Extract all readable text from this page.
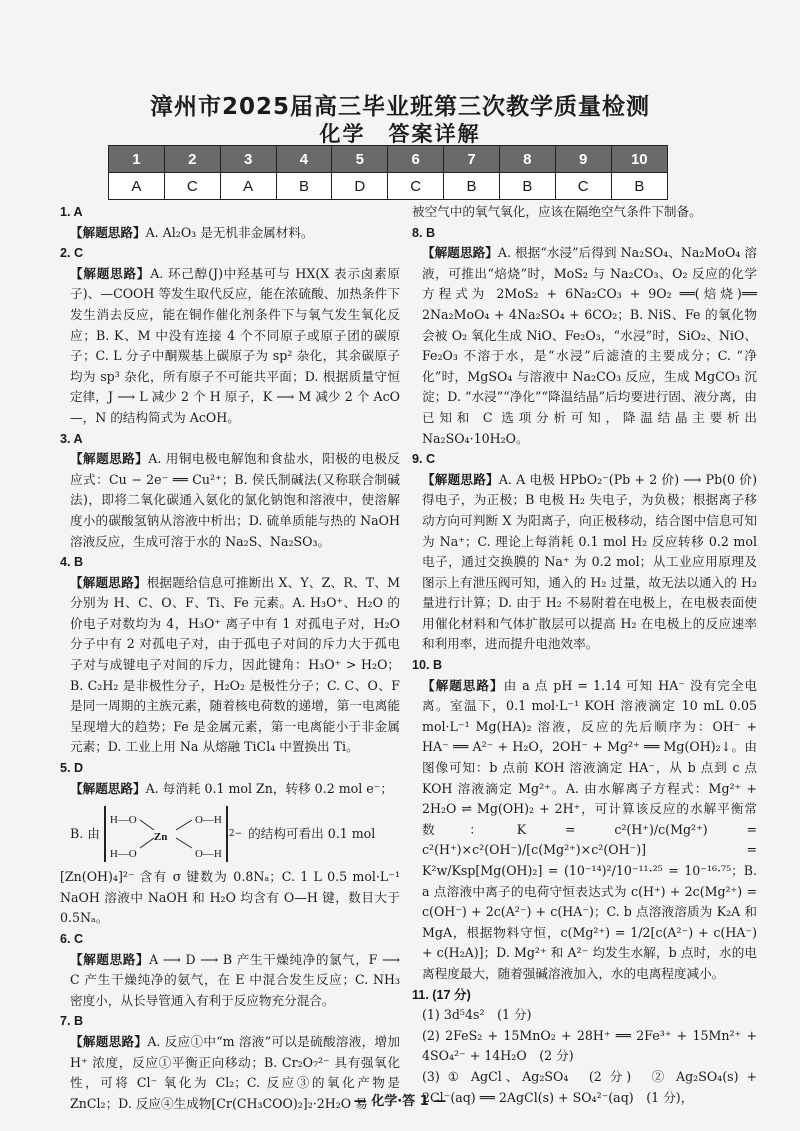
漳州市2025届高三毕业班第三次教学质量检测
化学　答案详解
1	2	3	4	5	6	7	8	9	10
A	C	A	B	D	C	B	B	C	B

1. A

【解题思路】A. Al₂O₃ 是无机非金属材料。

2. C

【解题思路】A. 环己醇(J)中羟基可与 HX(X 表示卤素原子)、—COOH 等发生取代反应，能在浓硫酸、加热条件下发生消去反应，能在铜作催化剂条件下与氧气发生氧化反应；B. K、M 中没有连接 4 个不同原子或原子团的碳原子；C. L 分子中酮羰基上碳原子为 sp² 杂化，其余碳原子均为 sp³ 杂化，所有原子不可能共平面；D. 根据质量守恒定律，J ⟶ L 减少 2 个 H 原子，K ⟶ M 减少 2 个 AcO—，N 的结构简式为 AcOH。

3. A

【解题思路】A. 用铜电极电解饱和食盐水，阳极的电极反应式：Cu − 2e⁻ ══ Cu²⁺；B. 侯氏制碱法(又称联合制碱法)，即将二氧化碳通入氨化的氯化钠饱和溶液中，使溶解度小的碳酸氢钠从溶液中析出；D. 硫单质能与热的 NaOH 溶液反应，生成可溶于水的 Na₂S、Na₂SO₃。

4. B

【解题思路】根据题给信息可推断出 X、Y、Z、R、T、M 分别为 H、C、O、F、Ti、Fe 元素。A. H₃O⁺、H₂O 的价电子对数均为 4，H₃O⁺ 离子中有 1 对孤电子对，H₂O 分子中有 2 对孤电子对，由于孤电子对间的斥力大于孤电子对与成键电子对间的斥力，因此键角：H₃O⁺ > H₂O；B. C₂H₂ 是非极性分子，H₂O₂ 是极性分子；C. C、O、F 是同一周期的主族元素，随着核电荷数的递增，第一电离能呈现增大的趋势；Fe 是金属元素，第一电离能小于非金属元素；D. 工业上用 Na 从熔融 TiCl₄ 中置换出 Ti。

5. D

【解题思路】A. 每消耗 0.1 mol Zn，转移 0.2 mol e⁻；

B. 由
H—O	O—H
Zn
H—O	O—H
2− 的结构可看出 0.1 mol

[Zn(OH)₄]²⁻ 含有 σ 键数为 0.8Nₐ；C. 1 L 0.5 mol·L⁻¹ NaOH 溶液中 NaOH 和 H₂O 均含有 O—H 键，数目大于 0.5Nₐ。

6. C

【解题思路】A ⟶ D ⟶ B 产生干燥纯净的氯气，F ⟶ C 产生干燥纯净的氨气，在 E 中混合发生反应；C. NH₃ 密度小，从长导管通入有利于反应物充分混合。

7. B

【解题思路】A. 反应①中“m 溶液”可以是硫酸溶液，增加 H⁺ 浓度，反应①平衡正向移动；B. Cr₂O₇²⁻ 具有强氧化性，可将 Cl⁻ 氧化为 Cl₂；C. 反应③的氧化产物是 ZnCl₂；D. 反应④生成物[Cr(CH₃COO)₂]₂·2H₂O 易

被空气中的氧气氧化，应该在隔绝空气条件下制备。

8. B

【解题思路】A. 根据“水浸”后得到 Na₂SO₄、Na₂MoO₄ 溶液，可推出“焙烧”时，MoS₂ 与 Na₂CO₃、O₂ 反应的化学方程式为 2MoS₂ + 6Na₂CO₃ + 9O₂ ══(焙烧)══ 2Na₂MoO₄ + 4Na₂SO₄ + 6CO₂；B. NiS、Fe 的氧化物会被 O₂ 氧化生成 NiO、Fe₂O₃，“水浸”时，SiO₂、NiO、Fe₂O₃ 不溶于水，是“水浸”后滤渣的主要成分；C. “净化”时，MgSO₄ 与溶液中 Na₂CO₃ 反应，生成 MgCO₃ 沉淀；D. “水浸”“净化”“降温结晶”后均要进行固、液分离，由已知和 C 选项分析可知，降温结晶主要析出 Na₂SO₄·10H₂O。

9. C

【解题思路】A. A 电极 HPbO₂⁻(Pb + 2 价) ⟶ Pb(0 价)得电子，为正极；B 电极 H₂ 失电子，为负极；根据离子移动方向可判断 X 为阳离子，向正极移动，结合图中信息可知为 Na⁺；C. 理论上每消耗 0.1 mol H₂ 反应转移 0.2 mol 电子，通过交换膜的 Na⁺ 为 0.2 mol；从工业应用原理及图示上有泄压阀可知，通入的 H₂ 过量，故无法以通入的 H₂ 量进行计算；D. 由于 H₂ 不易附着在电极上，在电极表面使用催化材料和气体扩散层可以提高 H₂ 在电极上的反应速率和利用率，进而提升电池效率。

10. B

【解题思路】由 a 点 pH = 1.14 可知 HA⁻ 没有完全电离。室温下，0.1 mol·L⁻¹ KOH 溶液滴定 10 mL 0.05 mol·L⁻¹ Mg(HA)₂ 溶液，反应的先后顺序为：OH⁻ + HA⁻ ══ A²⁻ + H₂O，2OH⁻ + Mg²⁺ ══ Mg(OH)₂↓。由图像可知：b 点前 KOH 溶液滴定 HA⁻，从 b 点到 c 点 KOH 溶液滴定 Mg²⁺。A. 由水解离子方程式：Mg²⁺ + 2H₂O ⇌ Mg(OH)₂ + 2H⁺，可计算该反应的水解平衡常数：K = c²(H⁺)/c(Mg²⁺) = c²(H⁺)×c²(OH⁻)/[c(Mg²⁺)×c²(OH⁻)] = K²w/Ksp[Mg(OH)₂] = (10⁻¹⁴)²/10⁻¹¹·²⁵ = 10⁻¹⁶·⁷⁵；B. a 点溶液中离子的电荷守恒表达式为 c(H⁺) + 2c(Mg²⁺) = c(OH⁻) + 2c(A²⁻) + c(HA⁻)；C. b 点溶液溶质为 K₂A 和 MgA，根据物料守恒，c(Mg²⁺) = 1/2[c(A²⁻) + c(HA⁻) + c(H₂A)]；D. Mg²⁺ 和 A²⁻ 均发生水解，b 点时，水的电离程度最大，随着强碱溶液加入，水的电离程度减小。

11. (17 分)

(1) 3d⁵4s²　(1 分)

(2) 2FeS₂ + 15MnO₂ + 28H⁺ ══ 2Fe³⁺ + 15Mn²⁺ + 4SO₄²⁻ + 14H₂O　(2 分)

(3) ① AgCl、Ag₂SO₄　(2 分)　② Ag₂SO₄(s) + 2Cl⁻(aq) ══ 2AgCl(s) + SO₄²⁻(aq)　(1 分)，

— 化学·答 1 —
